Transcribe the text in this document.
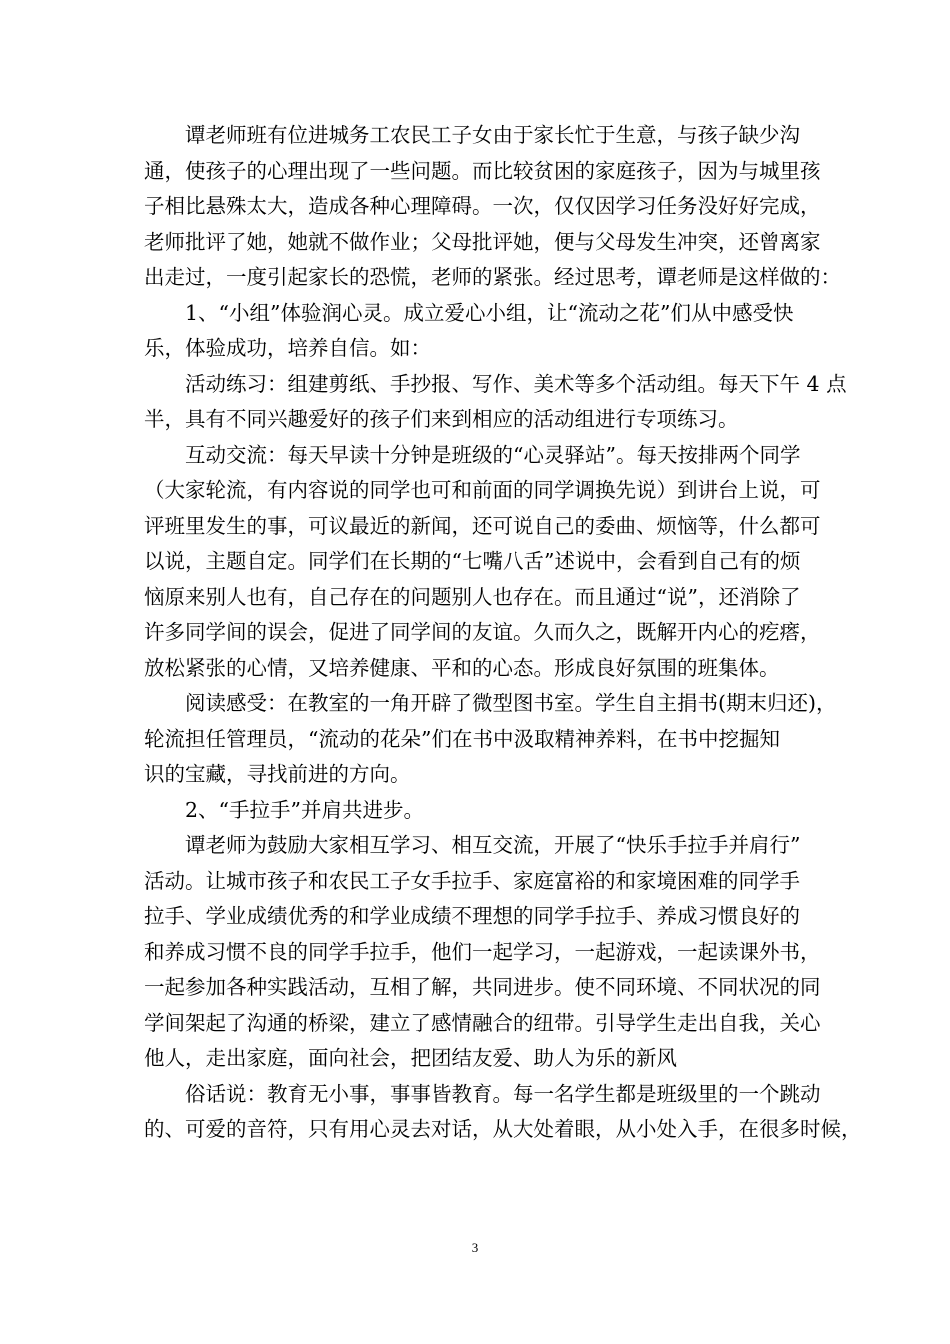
　　谭老师班有位进城务工农民工子女由于家长忙于生意，与孩子缺少沟
通，使孩子的心理出现了一些问题。而比较贫困的家庭孩子，因为与城里孩
子相比悬殊太大，造成各种心理障碍。一次，仅仅因学习任务没好好完成，
老师批评了她，她就不做作业；父母批评她，便与父母发生冲突，还曾离家
出走过，一度引起家长的恐慌，老师的紧张。经过思考，谭老师是这样做的：
　　1、“小组”体验润心灵。成立爱心小组，让“流动之花”们从中感受快
乐，体验成功，培养自信。如：
　　活动练习：组建剪纸、手抄报、写作、美术等多个活动组。每天下午 4 点
半，具有不同兴趣爱好的孩子们来到相应的活动组进行专项练习。
　　互动交流：每天早读十分钟是班级的“心灵驿站”。每天按排两个同学
（大家轮流，有内容说的同学也可和前面的同学调换先说）到讲台上说，可
评班里发生的事，可议最近的新闻，还可说自己的委曲、烦恼等，什么都可
以说，主题自定。同学们在长期的“七嘴八舌”述说中，会看到自己有的烦
恼原来别人也有，自己存在的问题别人也存在。而且通过“说”，还消除了
许多同学间的误会，促进了同学间的友谊。久而久之，既解开内心的疙瘩，
放松紧张的心情，又培养健康、平和的心态。形成良好氛围的班集体。
　　阅读感受：在教室的一角开辟了微型图书室。学生自主捐书(期末归还)，
轮流担任管理员，“流动的花朵”们在书中汲取精神养料，在书中挖掘知
识的宝藏，寻找前进的方向。
　　2、“手拉手”并肩共进步。
　　谭老师为鼓励大家相互学习、相互交流，开展了“快乐手拉手并肩行”
活动。让城市孩子和农民工子女手拉手、家庭富裕的和家境困难的同学手
拉手、学业成绩优秀的和学业成绩不理想的同学手拉手、养成习惯良好的
和养成习惯不良的同学手拉手，他们一起学习，一起游戏，一起读课外书，
一起参加各种实践活动，互相了解，共同进步。使不同环境、不同状况的同
学间架起了沟通的桥梁，建立了感情融合的纽带。引导学生走出自我，关心
他人，走出家庭，面向社会，把团结友爱、助人为乐的新风
　　俗话说：教育无小事，事事皆教育。每一名学生都是班级里的一个跳动
的、可爱的音符，只有用心灵去对话，从大处着眼，从小处入手，在很多时候，
3
